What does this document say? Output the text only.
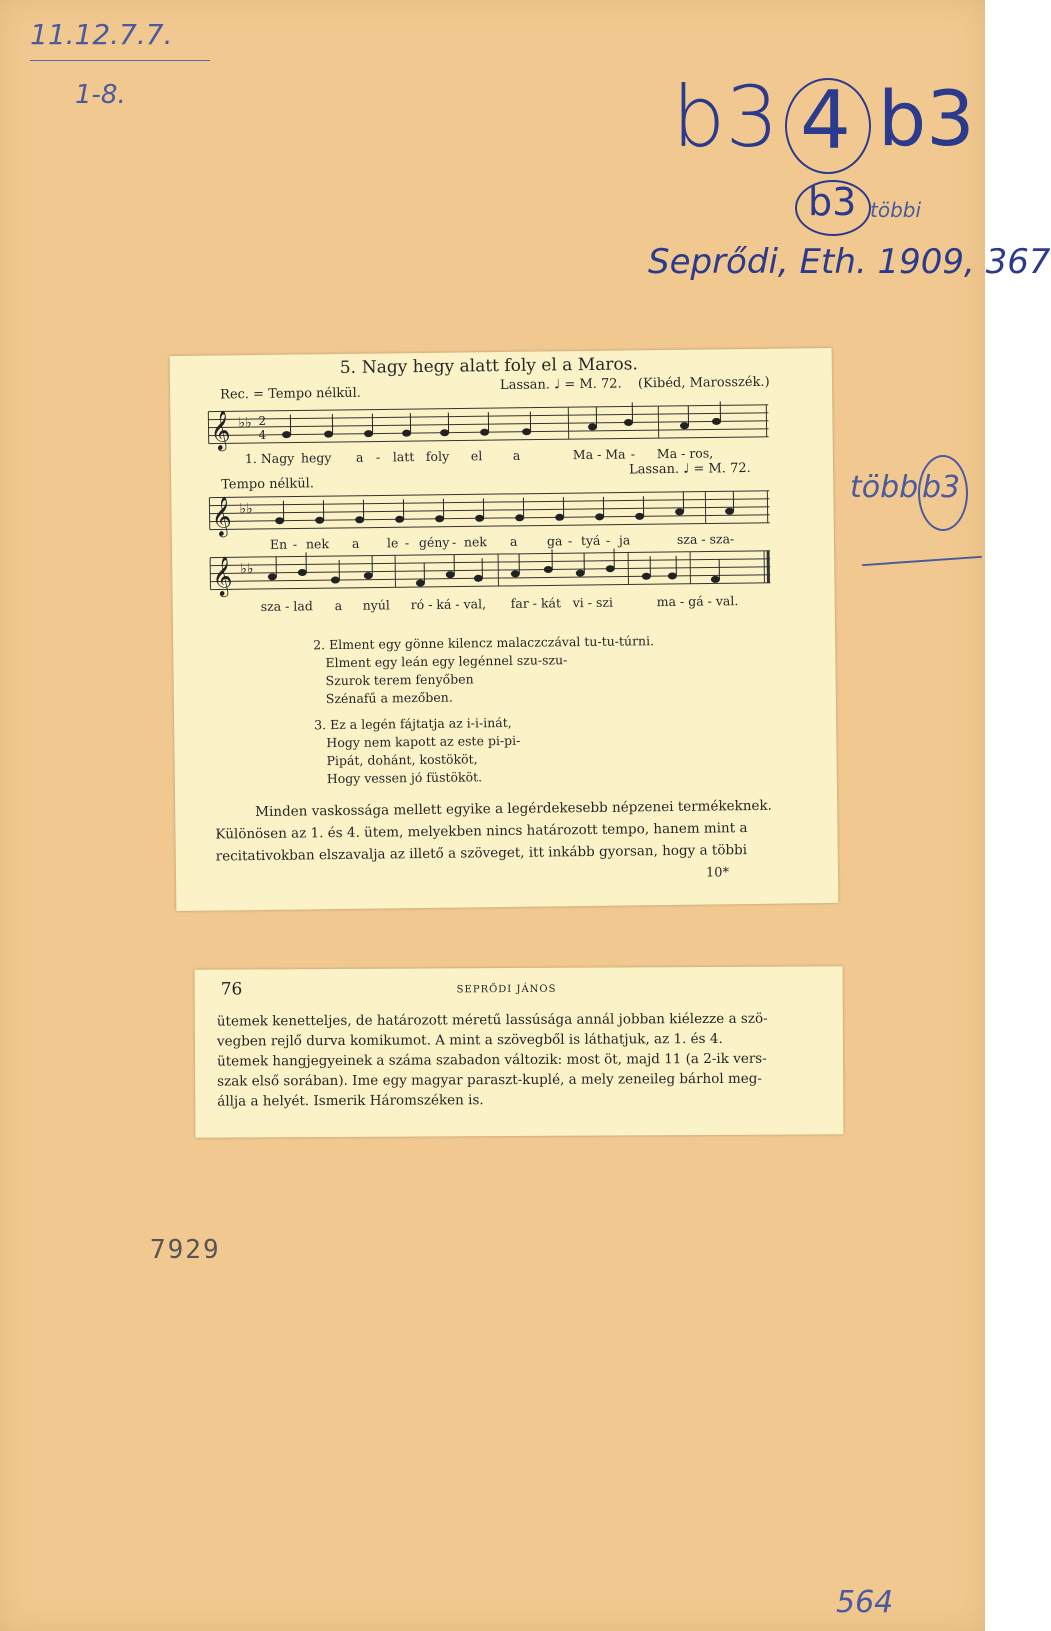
11.12.7.7.
1-8.	b3 4 b3
b3 többi
Seprődi, Eth. 1909, 367
több b3
564
7929
5. Nagy hegy alatt foly el a Maros.
Rec. = Tempo nélkül.
Lassan. ♩ = M. 72. (Kibéd, Marosszék.)
𝄞 ♭♭ 2
4
1. Nagy hegy a - latt foly el a	Ma - Ma - Ma - ros,
Tempo nélkül.
Lassan. ♩ = M. 72.
𝄞 ♭♭
En - nek a le - gény - nek a ga - tyá - ja	sza - sza-
𝄞 ♭♭
sza - lad a nyúl ró - ká - val, far - kát vi - szi	ma - gá - val.
2. Elment egy gönne kilencz malaczczával tu-tu-túrni.
Elment egy leán egy legénnel szu-szu-
Szurok terem fenyőben
Szénafű a mezőben.
3. Ez a legén fájtatja az i-i-inát,
Hogy nem kapott az este pi-pi-
Pipát, dohánt, kostököt,
Hogy vessen jó füstököt.
Minden vaskossága mellett egyike a legérdekesebb népzenei termékeknek.
Különösen az 1. és 4. ütem, melyekben nincs határozott tempo, hanem mint a
recitativokban elszavalja az illető a szöveget, itt inkább gyorsan, hogy a többi
10*
76	SEPRŐDI JÁNOS
ütemek kenetteljes, de határozott méretű lassúsága annál jobban kiélezze a szö-
vegben rejlő durva komikumot. A mint a szövegből is láthatjuk, az 1. és 4.
ütemek hangjegyeinek a száma szabadon változik: most öt, majd 11 (a 2-ik vers-
szak első sorában). Ime egy magyar paraszt-kuplé, a mely zeneileg bárhol meg-
állja a helyét. Ismerik Háromszéken is.
